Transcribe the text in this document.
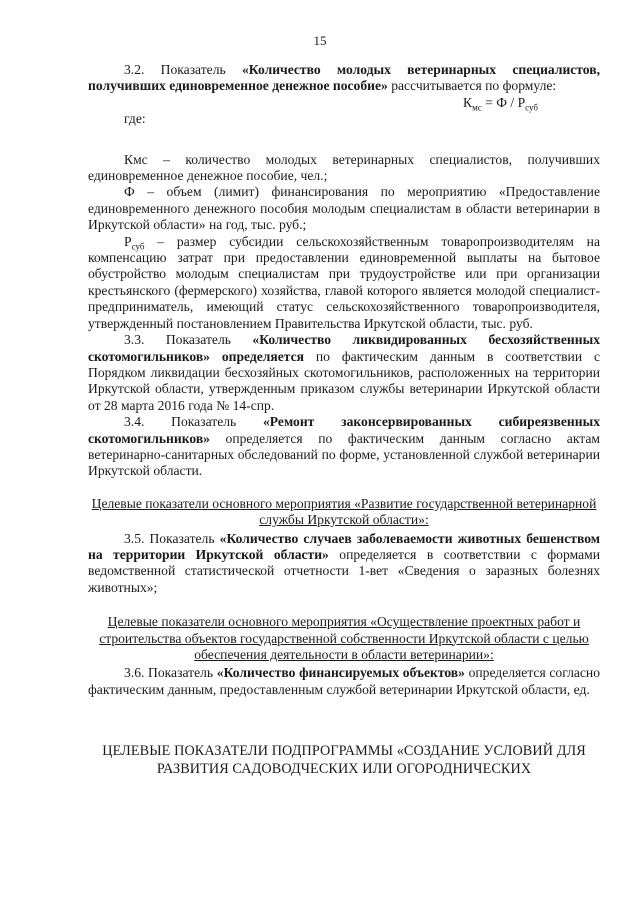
15

3.2. Показатель «Количество молодых ветеринарных специалистов, получивших единовременное денежное пособие» рассчитывается по формуле:

$К_{мс} = Ф / Р_{суб}$

где:

Кмс – количество молодых ветеринарных специалистов, получивших единовременное денежное пособие, чел.;

Ф – объем (лимит) финансирования по мероприятию «Предоставление единовременного денежного пособия молодым специалистам в области ветеринарии в Иркутской области» на год, тыс. руб.;

$Р_{суб}$ – размер субсидии сельскохозяйственным товаропроизводителям на компенсацию затрат при предоставлении единовременной выплаты на бытовое обустройство молодым специалистам при трудоустройстве или при организации крестьянского (фермерского) хозяйства, главой которого является молодой специалист-предприниматель, имеющий статус сельскохозяйственного товаропроизводителя, утвержденный постановлением Правительства Иркутской области, тыс. руб.

3.3. Показатель «Количество ликвидированных бесхозяйственных скотомогильников» определяется по фактическим данным в соответствии с Порядком ликвидации бесхозяйных скотомогильников, расположенных на территории Иркутской области, утвержденным приказом службы ветеринарии Иркутской области от 28 марта 2016 года № 14-спр.

3.4. Показатель «Ремонт законсервированных сибиреязвенных скотомогильников» определяется по фактическим данным согласно актам ветеринарно-санитарных обследований по форме, установленной службой ветеринарии Иркутской области.

Целевые показатели основного мероприятия «Развитие государственной ветеринарной службы Иркутской области»:

3.5. Показатель «Количество случаев заболеваемости животных бешенством на территории Иркутской области» определяется в соответствии с формами ведомственной статистической отчетности 1-вет «Сведения о заразных болезнях животных»;

Целевые показатели основного мероприятия «Осуществление проектных работ и строительства объектов государственной собственности Иркутской области с целью обеспечения деятельности в области ветеринарии»:

3.6. Показатель «Количество финансируемых объектов» определяется согласно фактическим данным, предоставленным службой ветеринарии Иркутской области, ед.

ЦЕЛЕВЫЕ ПОКАЗАТЕЛИ ПОДПРОГРАММЫ «СОЗДАНИЕ УСЛОВИЙ ДЛЯ РАЗВИТИЯ САДОВОДЧЕСКИХ ИЛИ ОГОРОДНИЧЕСКИХ
